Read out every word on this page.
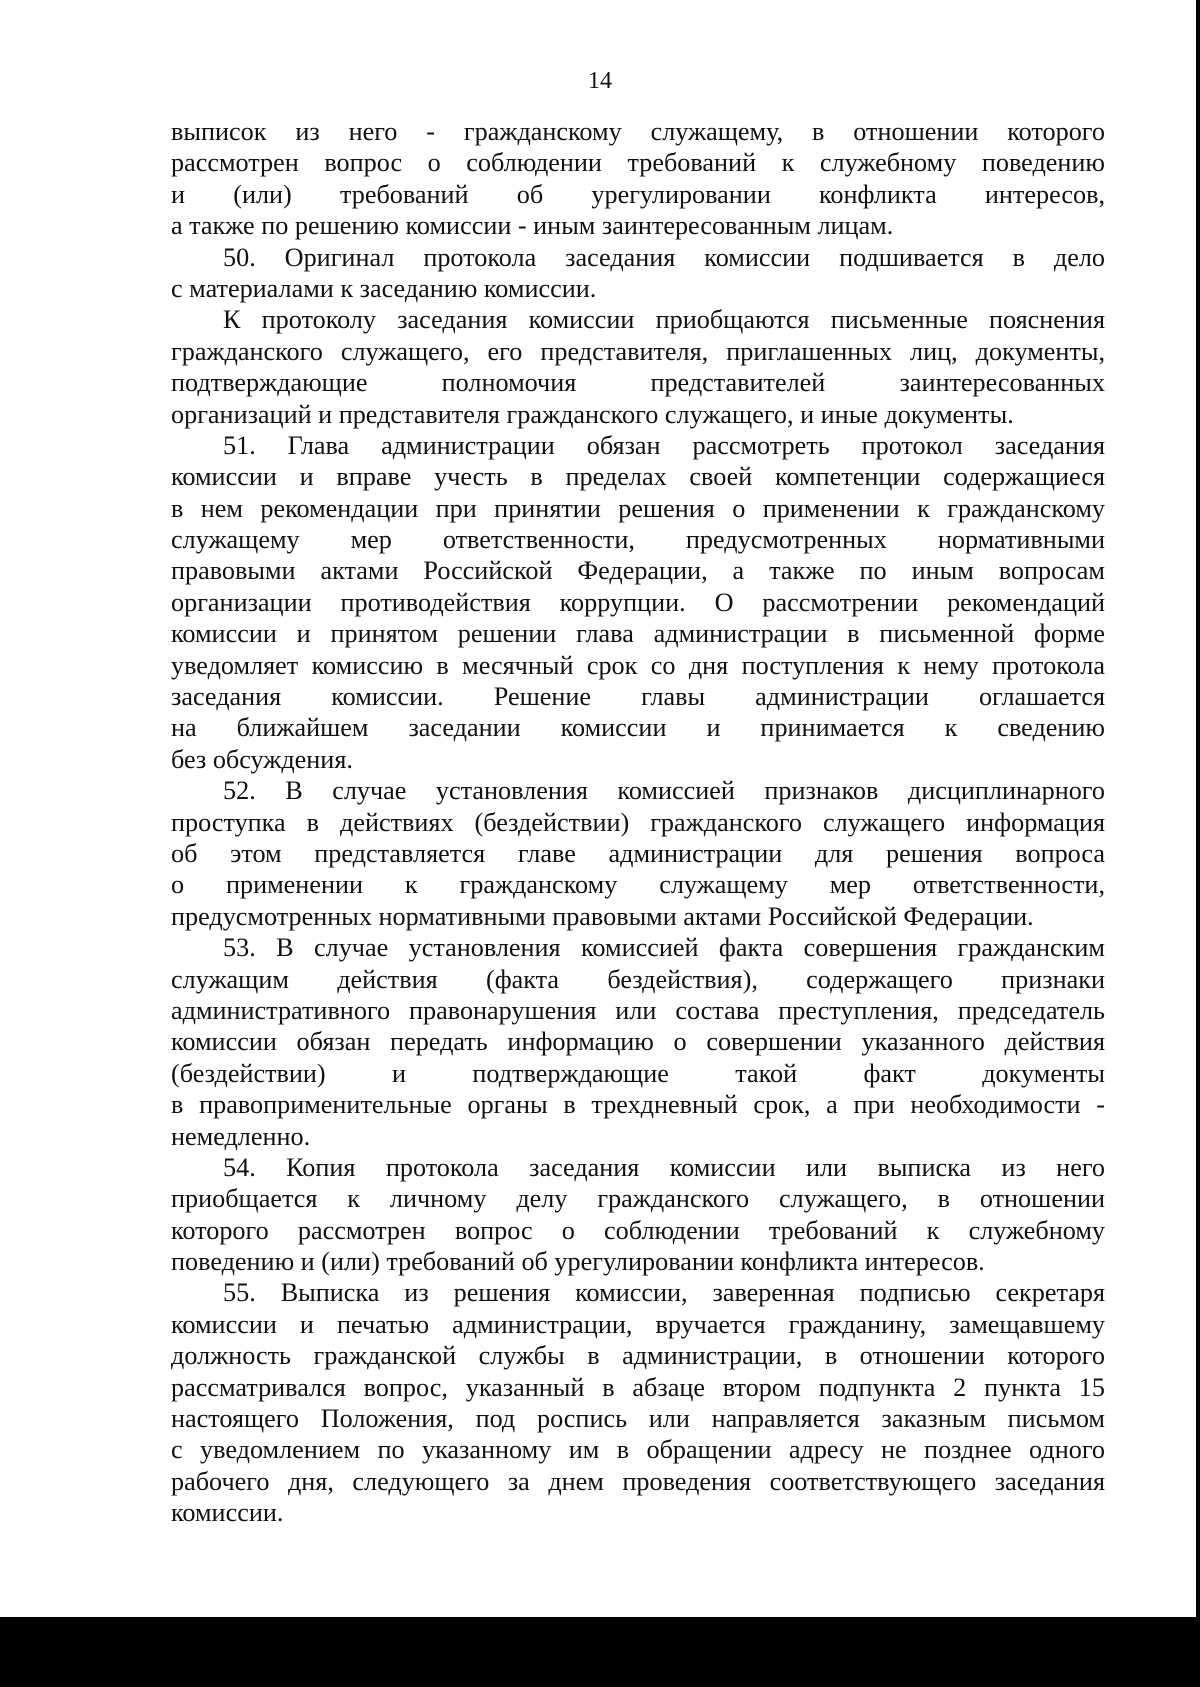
14
выписок из него - гражданскому служащему, в отношении которого
рассмотрен вопрос о соблюдении требований к служебному поведению
и (или) требований об урегулировании конфликта интересов,
а также по решению комиссии - иным заинтересованным лицам.
50. Оригинал протокола заседания комиссии подшивается в дело
с материалами к заседанию комиссии.
К протоколу заседания комиссии приобщаются письменные пояснения
гражданского служащего, его представителя, приглашенных лиц, документы,
подтверждающие полномочия представителей заинтересованных
организаций и представителя гражданского служащего, и иные документы.
51. Глава администрации обязан рассмотреть протокол заседания
комиссии и вправе учесть в пределах своей компетенции содержащиеся
в нем рекомендации при принятии решения о применении к гражданскому
служащему мер ответственности, предусмотренных нормативными
правовыми актами Российской Федерации, а также по иным вопросам
организации противодействия коррупции. О рассмотрении рекомендаций
комиссии и принятом решении глава администрации в письменной форме
уведомляет комиссию в месячный срок со дня поступления к нему протокола
заседания комиссии. Решение главы администрации оглашается
на ближайшем заседании комиссии и принимается к сведению
без обсуждения.
52. В случае установления комиссией признаков дисциплинарного
проступка в действиях (бездействии) гражданского служащего информация
об этом представляется главе администрации для решения вопроса
о применении к гражданскому служащему мер ответственности,
предусмотренных нормативными правовыми актами Российской Федерации.
53. В случае установления комиссией факта совершения гражданским
служащим действия (факта бездействия), содержащего признаки
административного правонарушения или состава преступления, председатель
комиссии обязан передать информацию о совершении указанного действия
(бездействии) и подтверждающие такой факт документы
в правоприменительные органы в трехдневный срок, а при необходимости -
немедленно.
54. Копия протокола заседания комиссии или выписка из него
приобщается к личному делу гражданского служащего, в отношении
которого рассмотрен вопрос о соблюдении требований к служебному
поведению и (или) требований об урегулировании конфликта интересов.
55. Выписка из решения комиссии, заверенная подписью секретаря
комиссии и печатью администрации, вручается гражданину, замещавшему
должность гражданской службы в администрации, в отношении которого
рассматривался вопрос, указанный в абзаце втором подпункта 2 пункта 15
настоящего Положения, под роспись или направляется заказным письмом
с уведомлением по указанному им в обращении адресу не позднее одного
рабочего дня, следующего за днем проведения соответствующего заседания
комиссии.
